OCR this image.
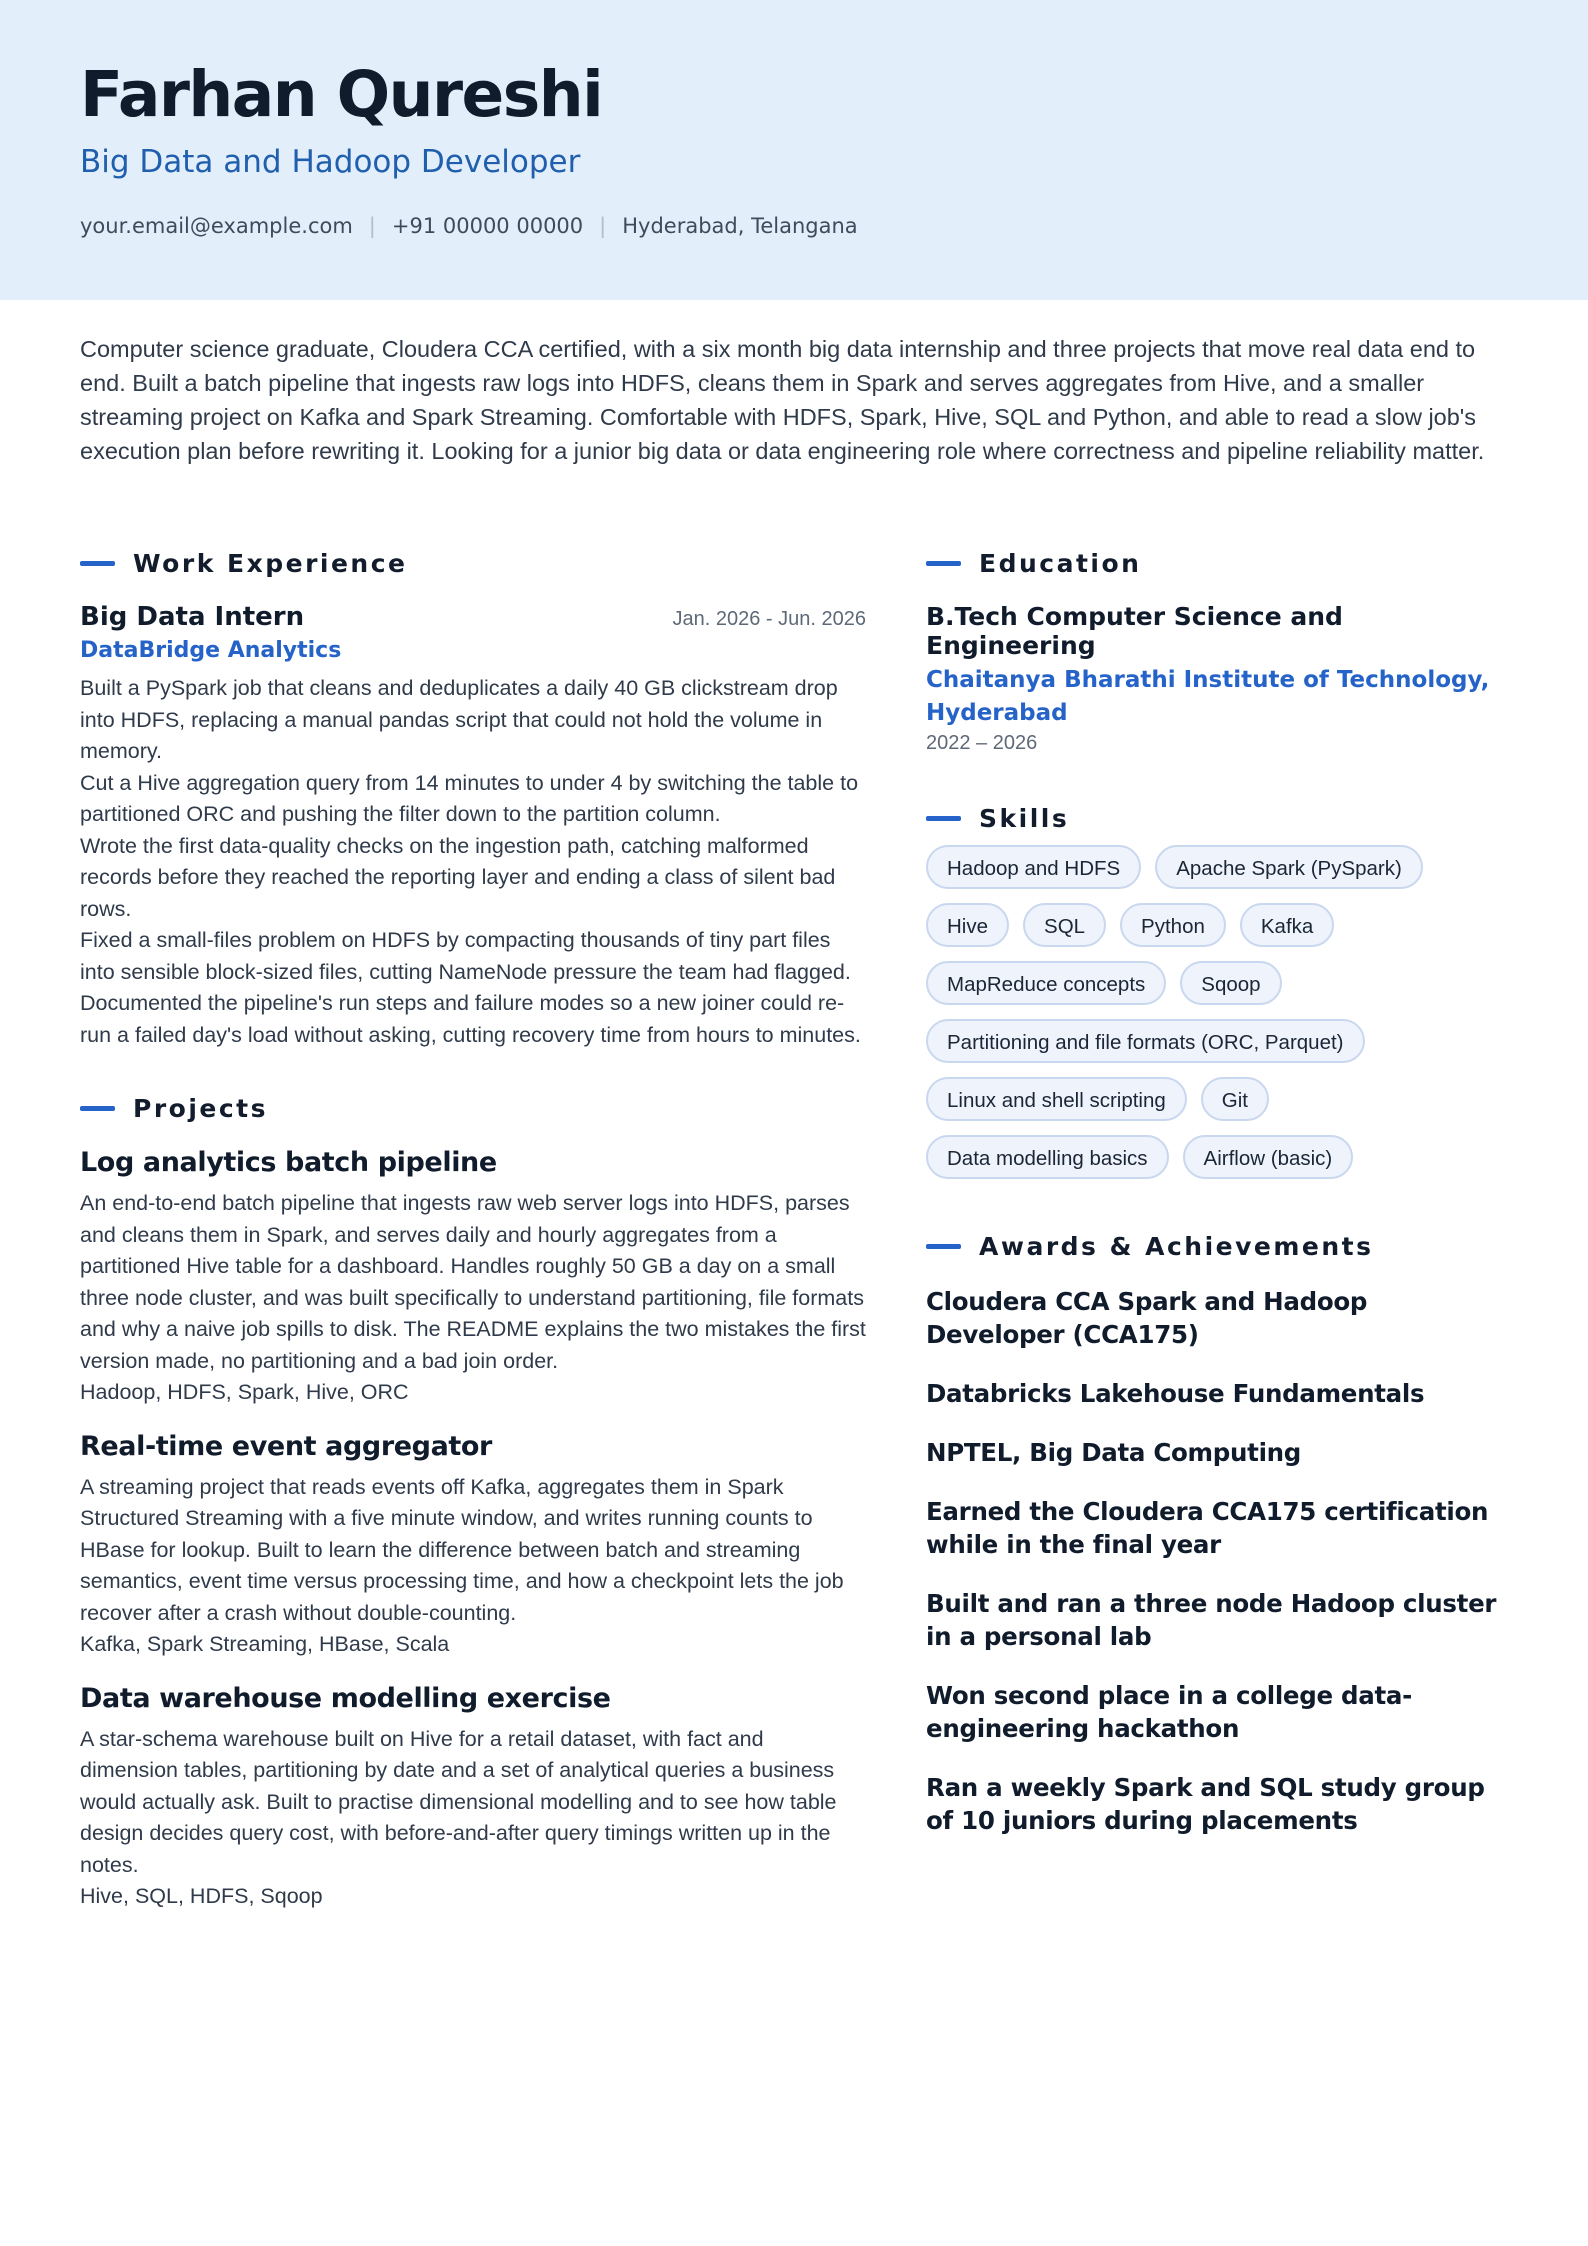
Farhan Qureshi
Big Data and Hadoop Developer
your.email@example.com | +91 00000 00000 | Hyderabad, Telangana

Computer science graduate, Cloudera CCA certified, with a six month big data internship and three projects that move real data end to end. Built a batch pipeline that ingests raw logs into HDFS, cleans them in Spark and serves aggregates from Hive, and a smaller streaming project on Kafka and Spark Streaming. Comfortable with HDFS, Spark, Hive, SQL and Python, and able to read a slow job's execution plan before rewriting it. Looking for a junior big data or data engineering role where correctness and pipeline reliability matter.

Work Experience
Big Data Intern	Jan. 2026 - Jun. 2026
DataBridge Analytics
Built a PySpark job that cleans and deduplicates a daily 40 GB clickstream drop into HDFS, replacing a manual pandas script that could not hold the volume in memory.
Cut a Hive aggregation query from 14 minutes to under 4 by switching the table to partitioned ORC and pushing the filter down to the partition column.
Wrote the first data-quality checks on the ingestion path, catching malformed records before they reached the reporting layer and ending a class of silent bad rows.
Fixed a small-files problem on HDFS by compacting thousands of tiny part files into sensible block-sized files, cutting NameNode pressure the team had flagged.
Documented the pipeline's run steps and failure modes so a new joiner could re-run a failed day's load without asking, cutting recovery time from hours to minutes.
Projects
Log analytics batch pipeline
An end-to-end batch pipeline that ingests raw web server logs into HDFS, parses and cleans them in Spark, and serves daily and hourly aggregates from a partitioned Hive table for a dashboard. Handles roughly 50 GB a day on a small three node cluster, and was built specifically to understand partitioning, file formats and why a naive job spills to disk. The README explains the two mistakes the first version made, no partitioning and a bad join order.
Hadoop, HDFS, Spark, Hive, ORC
Real-time event aggregator
A streaming project that reads events off Kafka, aggregates them in Spark Structured Streaming with a five minute window, and writes running counts to HBase for lookup. Built to learn the difference between batch and streaming semantics, event time versus processing time, and how a checkpoint lets the job recover after a crash without double-counting.
Kafka, Spark Streaming, HBase, Scala
Data warehouse modelling exercise
A star-schema warehouse built on Hive for a retail dataset, with fact and dimension tables, partitioning by date and a set of analytical queries a business would actually ask. Built to practise dimensional modelling and to see how table design decides query cost, with before-and-after query timings written up in the notes.
Hive, SQL, HDFS, Sqoop
Education
B.Tech Computer Science and Engineering
Chaitanya Bharathi Institute of Technology, Hyderabad
2022 – 2026
Skills
Hadoop and HDFS	Apache Spark (PySpark)
Hive	SQL	Python	Kafka
MapReduce concepts	Sqoop
Partitioning and file formats (ORC, Parquet)
Linux and shell scripting	Git
Data modelling basics	Airflow (basic)
Awards & Achievements
Cloudera CCA Spark and Hadoop Developer (CCA175)
Databricks Lakehouse Fundamentals
NPTEL, Big Data Computing
Earned the Cloudera CCA175 certification while in the final year
Built and ran a three node Hadoop cluster in a personal lab
Won second place in a college data-engineering hackathon
Ran a weekly Spark and SQL study group of 10 juniors during placements
